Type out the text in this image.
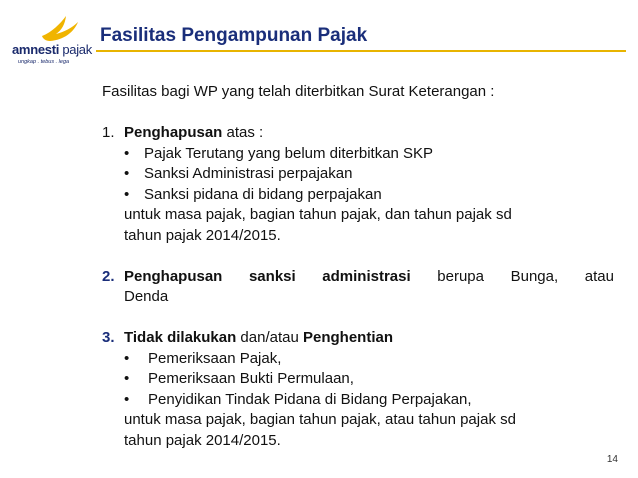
amnesti pajak
ungkap . tebus . lega
Fasilitas Pengampunan Pajak
Fasilitas bagi WP yang telah diterbitkan Surat Keterangan :
1. Penghapusan atas :
• Pajak Terutang yang belum diterbitkan SKP
• Sanksi Administrasi perpajakan
• Sanksi pidana di bidang perpajakan
untuk masa pajak, bagian tahun pajak, dan tahun pajak sd
tahun pajak 2014/2015.
2. Penghapusan sanksi administrasi berupa Bunga, atau
Denda
3. Tidak dilakukan dan/atau Penghentian
• Pemeriksaan Pajak,
• Pemeriksaan Bukti Permulaan,
• Penyidikan Tindak Pidana di Bidang Perpajakan,
untuk masa pajak, bagian tahun pajak, atau tahun pajak sd
tahun pajak 2014/2015.
14
